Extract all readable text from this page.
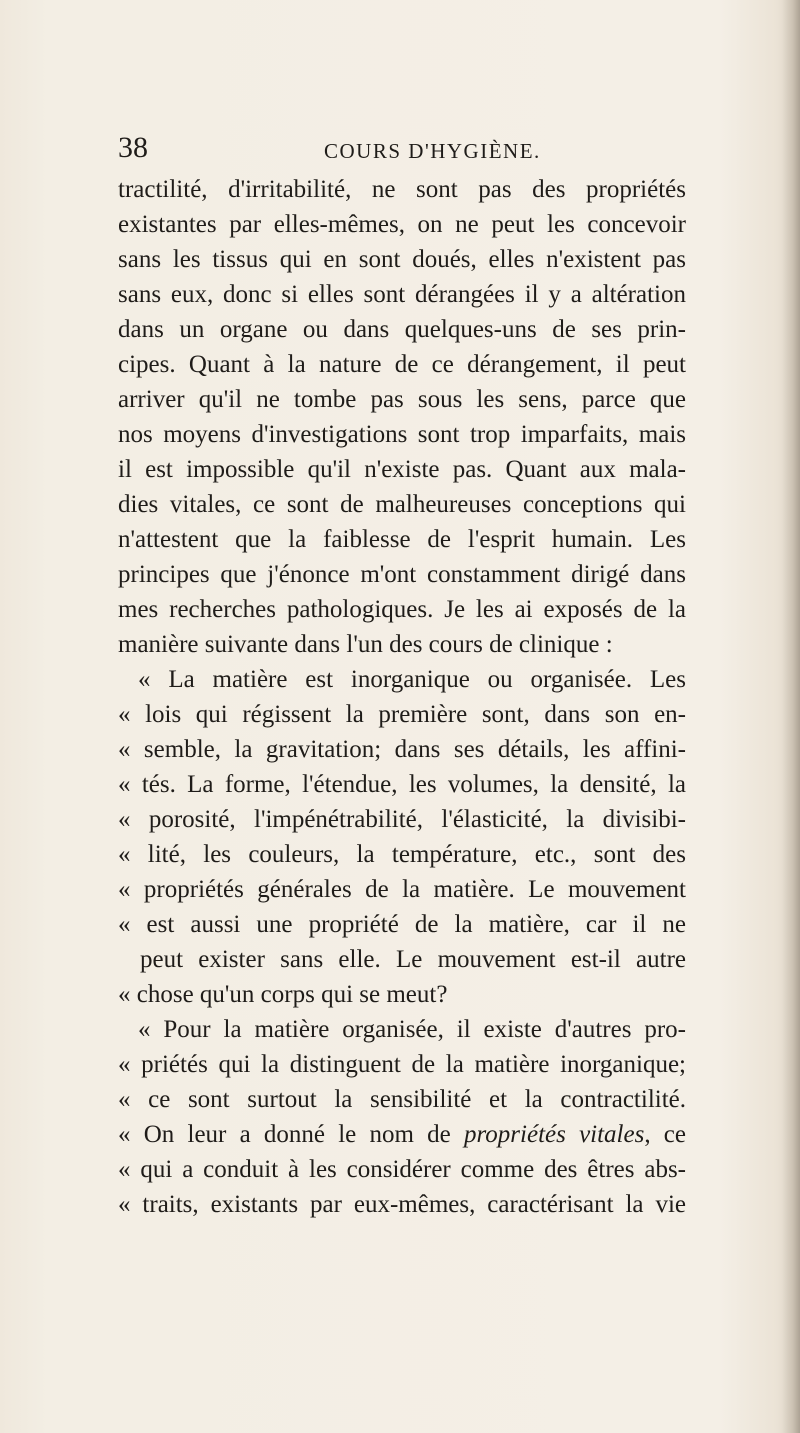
38	COURS D'HYGIÈNE.
tractilité, d'irritabilité, ne sont pas des propriétés
existantes par elles-mêmes, on ne peut les concevoir
sans les tissus qui en sont doués, elles n'existent pas
sans eux, donc si elles sont dérangées il y a altération
dans un organe ou dans quelques-uns de ses prin-
cipes. Quant à la nature de ce dérangement, il peut
arriver qu'il ne tombe pas sous les sens, parce que
nos moyens d'investigations sont trop imparfaits, mais
il est impossible qu'il n'existe pas. Quant aux mala-
dies vitales, ce sont de malheureuses conceptions qui
n'attestent que la faiblesse de l'esprit humain. Les
principes que j'énonce m'ont constamment dirigé dans
mes recherches pathologiques. Je les ai exposés de la
manière suivante dans l'un des cours de clinique :
« La matière est inorganique ou organisée. Les
« lois qui régissent la première sont, dans son en-
« semble, la gravitation; dans ses détails, les affini-
« tés. La forme, l'étendue, les volumes, la densité, la
« porosité, l'impénétrabilité, l'élasticité, la divisibi-
« lité, les couleurs, la température, etc., sont des
« propriétés générales de la matière. Le mouvement
« est aussi une propriété de la matière, car il ne
peut exister sans elle. Le mouvement est-il autre
« chose qu'un corps qui se meut?
« Pour la matière organisée, il existe d'autres pro-
« priétés qui la distinguent de la matière inorganique;
« ce sont surtout la sensibilité et la contractilité.
« On leur a donné le nom de propriétés vitales, ce
« qui a conduit à les considérer comme des êtres abs-
« traits, existants par eux-mêmes, caractérisant la vie
